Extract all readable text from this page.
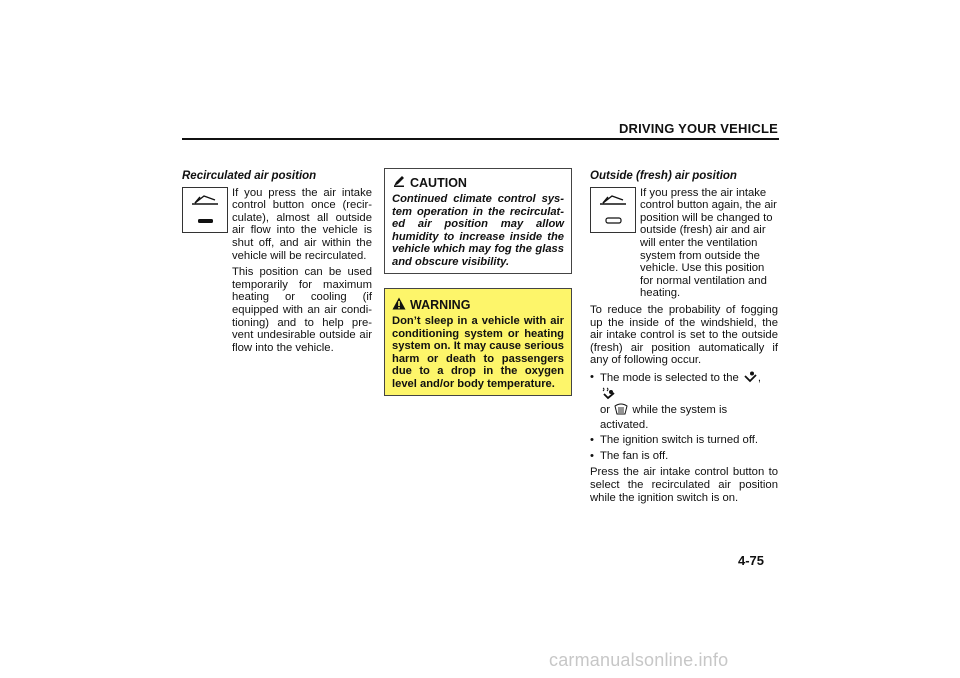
DRIVING YOUR VEHICLE
Recirculated air position

If you press the air intake control button once (recir-culate), almost all outside air flow into the vehicle is shut off, and air within the vehicle will be recirculated.

This position can be used temporarily for maximum heating or cooling (if equipped with an air condi-tioning) and to help pre-vent undesirable outside air flow into the vehicle.

CAUTION
Continued climate control sys-tem operation in the recirculat-ed air position may allow humidity to increase inside the vehicle which may fog the glass and obscure visibility.
WARNING
Don’t sleep in a vehicle with air conditioning system or heating system on. It may cause serious harm or death to passengers due to a drop in the oxygen level and/or body temperature.
Outside (fresh) air position

If you press the air intake control button again, the air position will be changed to outside (fresh) air and air will enter the ventilation system from outside the vehicle. Use this position for normal ventilation and heating.

To reduce the probability of fogging up the inside of the windshield, the air intake control is set to the outside (fresh) air position automatically if any of following occur.

• The mode is selected to the ,
or while the system is activated.
• The ignition switch is turned off.
• The fan is off.

Press the air intake control button to select the recirculated air position while the ignition switch is on.

4-75
carmanualsonline.info
